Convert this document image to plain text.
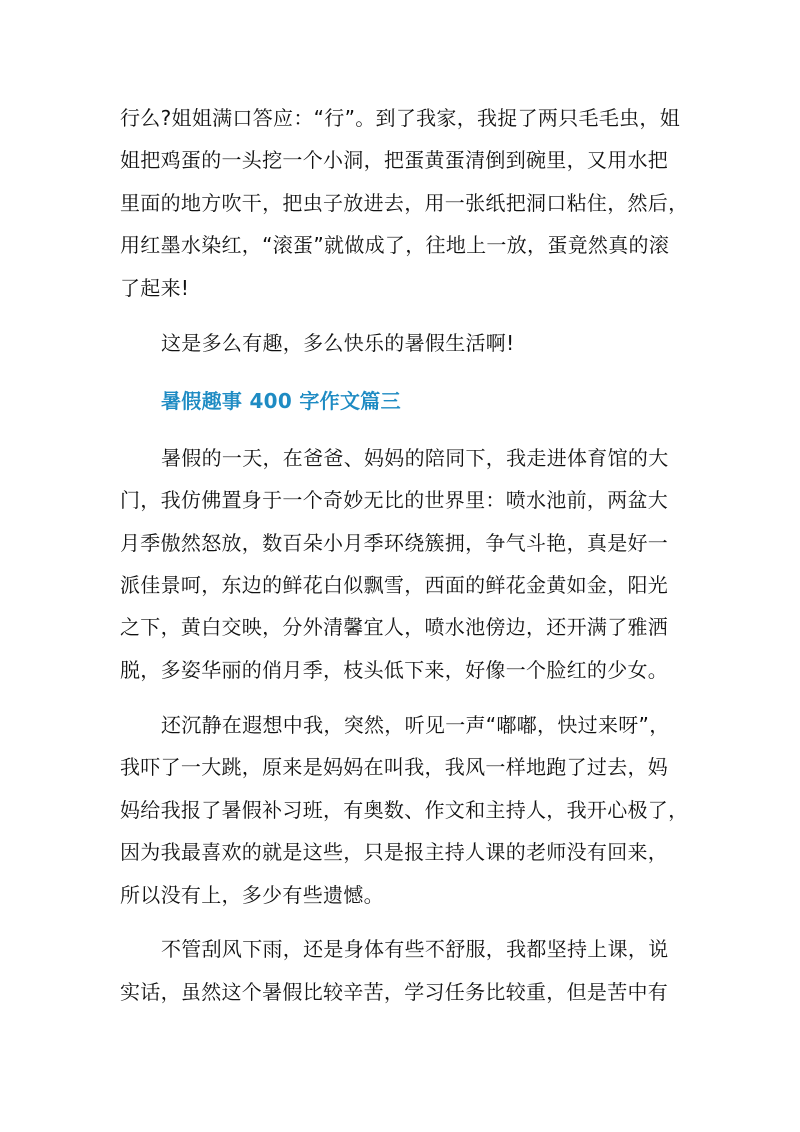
行么?姐姐满口答应：“行”。到了我家，我捉了两只毛毛虫，姐
姐把鸡蛋的一头挖一个小洞，把蛋黄蛋清倒到碗里，又用水把
里面的地方吹干，把虫子放进去，用一张纸把洞口粘住，然后，
用红墨水染红，“滚蛋”就做成了，往地上一放，蛋竟然真的滚
了起来!
这是多么有趣，多么快乐的暑假生活啊!
暑假趣事 400 字作文篇三
暑假的一天，在爸爸、妈妈的陪同下，我走进体育馆的大
门，我仿佛置身于一个奇妙无比的世界里：喷水池前，两盆大
月季傲然怒放，数百朵小月季环绕簇拥，争气斗艳，真是好一
派佳景呵，东边的鲜花白似飘雪，西面的鲜花金黄如金，阳光
之下，黄白交映，分外清馨宜人，喷水池傍边，还开满了雅洒
脱，多姿华丽的俏月季，枝头低下来，好像一个脸红的少女。
还沉静在遐想中我，突然，听见一声“嘟嘟，快过来呀”，
我吓了一大跳，原来是妈妈在叫我，我风一样地跑了过去，妈
妈给我报了暑假补习班，有奥数、作文和主持人，我开心极了，
因为我最喜欢的就是这些，只是报主持人课的老师没有回来，
所以没有上，多少有些遗憾。
不管刮风下雨，还是身体有些不舒服，我都坚持上课，说
实话，虽然这个暑假比较辛苦，学习任务比较重，但是苦中有
